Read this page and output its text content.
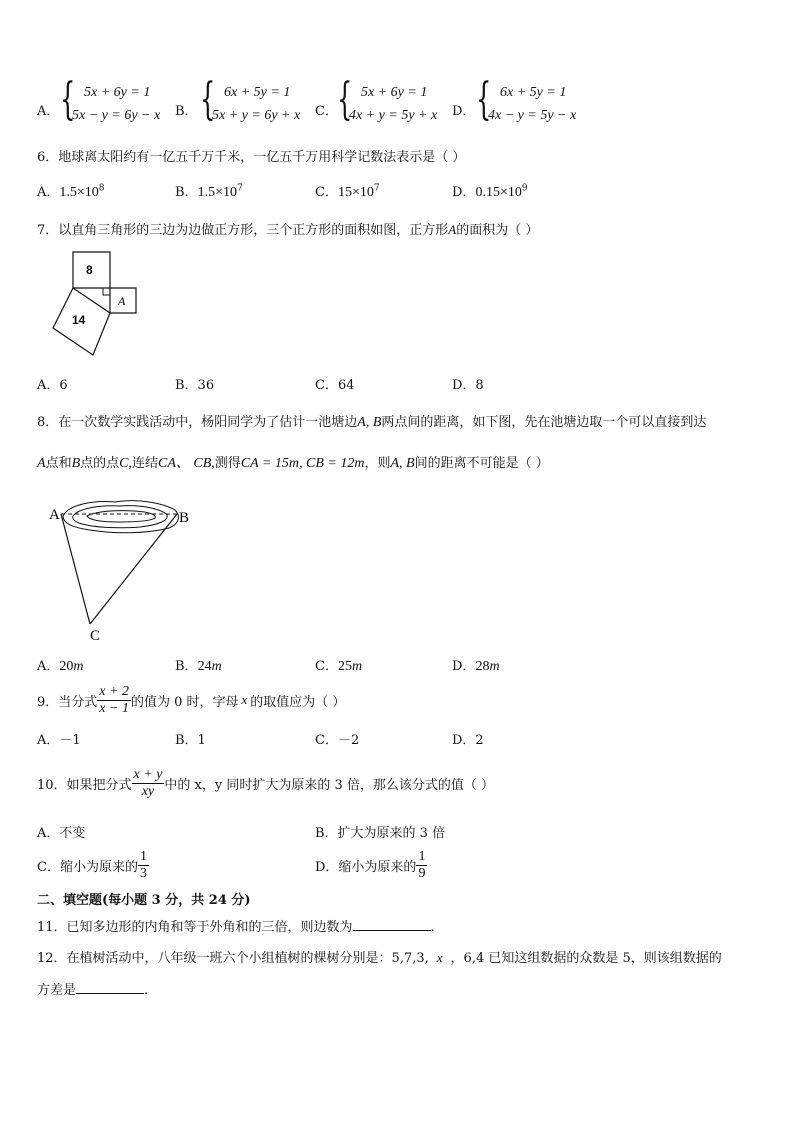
A． { 5x + 6y = 1
5x − y = 6y − x B． { 6x + 5y = 1
5x + y = 6y + x C． { 5x + 6y = 1
4x + y = 5y + x D． { 6x + 5y = 1
4x − y = 5y − x
6．地球离太阳约有一亿五千万千米，一亿五千万用科学记数法表示是（ ）
A．$1.5\times 10^8$	B．$1.5\times 10^7$	C．$15\times 10^7$	D．$0.15\times 10^9$
7．以直角三角形的三边为边做正方形，三个正方形的面积如图，正方形A的面积为（ ）
8
14
A
A．6	B．36	C．64	D．8
8．在一次数学实践活动中，杨阳同学为了估计一池塘边A, B两点间的距离，如下图，先在池塘边取一个可以直接到达
A点和B点的点C,连结CA、 CB,测得CA = 15m, CB = 12m，则A, B间的距离不可能是（ ）
A	B
C
A．20m	B．24m	C．25m	D．28m
9．当分式 $\frac{x + 2}{x - 1}$ 的值为 0 时，字母 x 的取值应为（ ）
A．－1	B．1	C．－2	D．2
10．如果把分式 $\frac{x + y}{xy}$ 中的 x，y 同时扩大为原来的 3 倍，那么该分式的值（ ）
A．不变	B．扩大为原来的 3 倍
C．缩小为原来的 $\frac{1}{3}$	D．缩小为原来的 $\frac{1}{9}$
二、填空题(每小题 3 分，共 24 分)
11．已知多边形的内角和等于外角和的三倍，则边数为	.
12．在植树活动中，八年级一班六个小组植树的棵树分别是：5,7,3, x ，6,4 已知这组数据的众数是 5，则该组数据的
方差是	.
